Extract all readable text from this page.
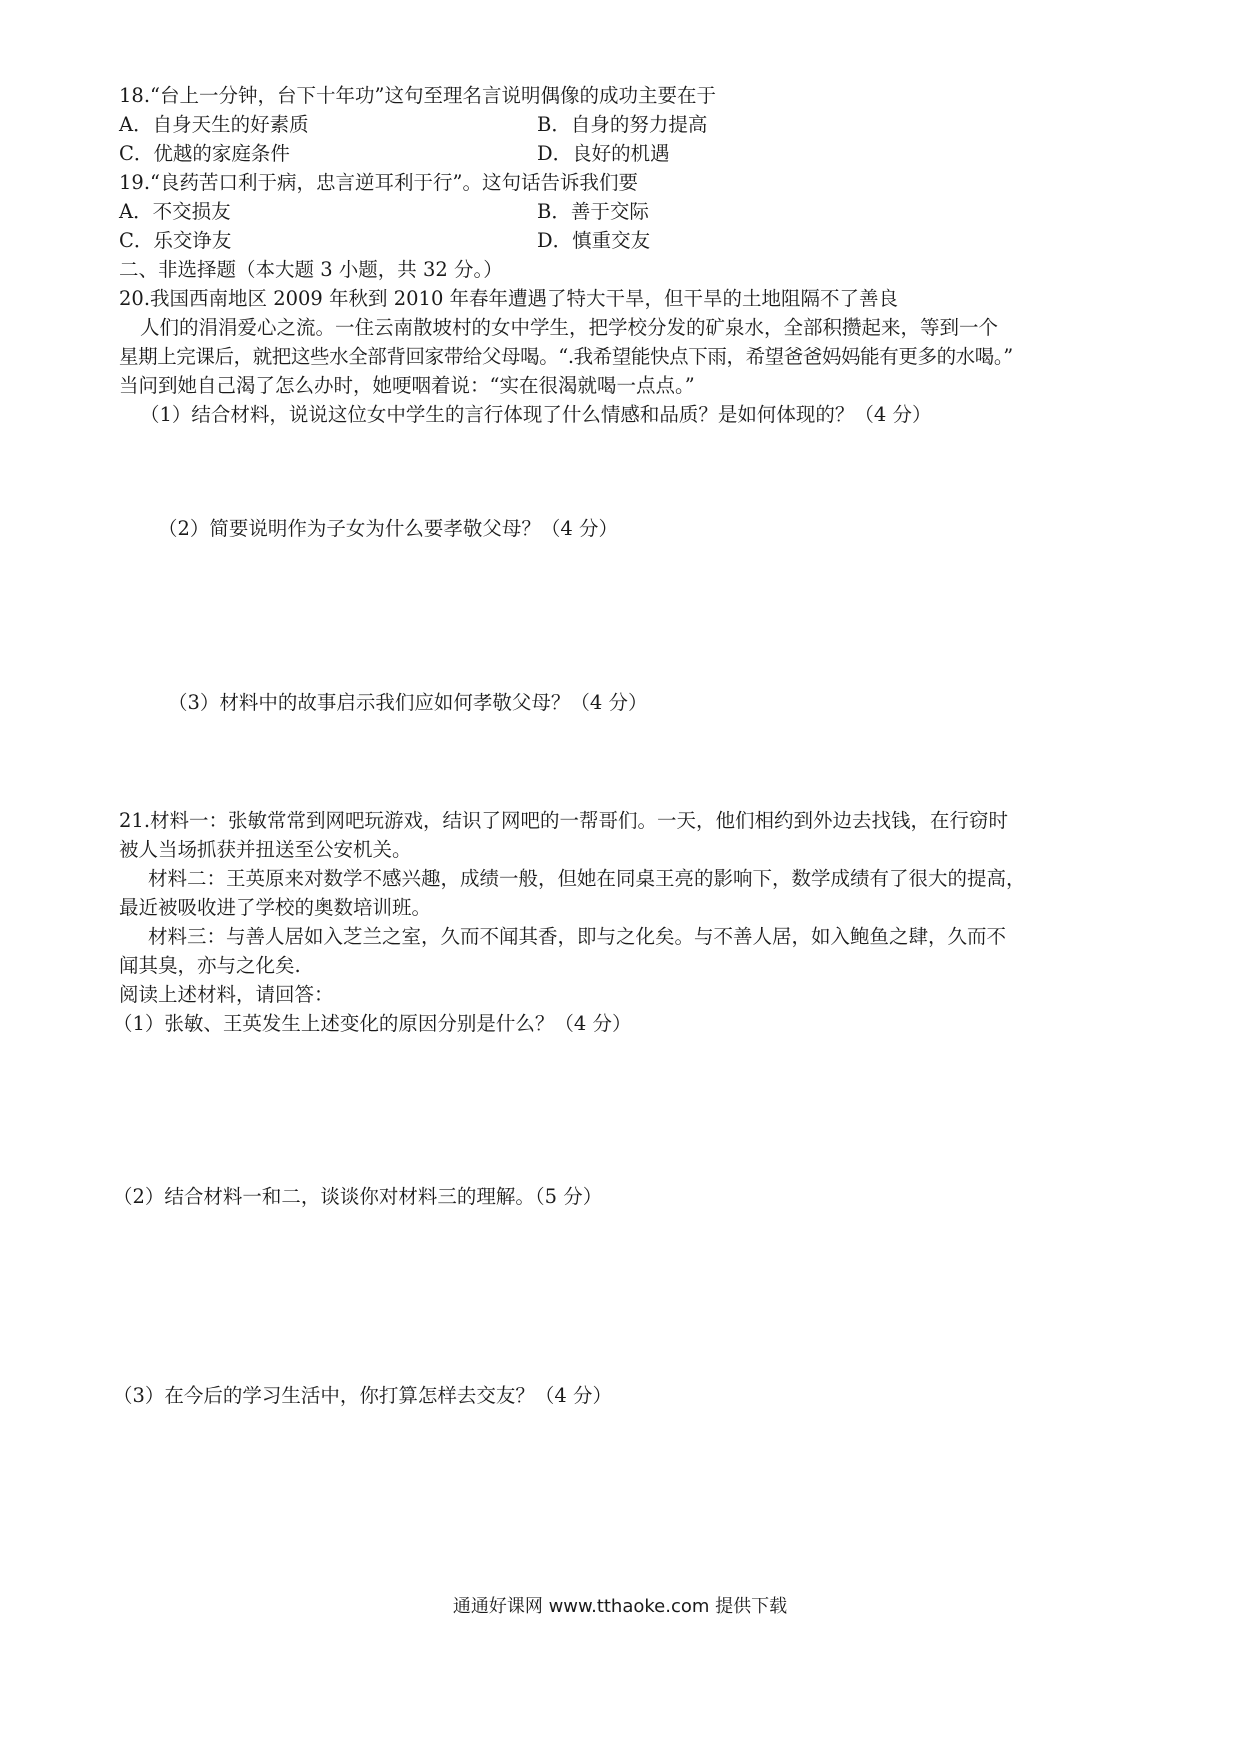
18.“台上一分钟，台下十年功”这句至理名言说明偶像的成功主要在于
A．自身天生的好素质	B．自身的努力提高
C．优越的家庭条件	D．良好的机遇
19.“良药苦口利于病，忠言逆耳利于行”。这句话告诉我们要
A．不交损友	B．善于交际
C．乐交诤友	D．慎重交友
二、非选择题（本大题 3 小题，共 32 分。）
20.我国西南地区 2009 年秋到 2010 年春年遭遇了特大干旱，但干旱的土地阻隔不了善良
人们的涓涓爱心之流。一住云南散坡村的女中学生，把学校分发的矿泉水，全部积攒起来，等到一个
星期上完课后，就把这些水全部背回家带给父母喝。“.我希望能快点下雨，希望爸爸妈妈能有更多的水喝。”
当问到她自己渴了怎么办时，她哽咽着说：“实在很渴就喝一点点。”
（1）结合材料，说说这位女中学生的言行体现了什么情感和品质？是如何体现的？（4 分）
（2）简要说明作为子女为什么要孝敬父母？（4 分）
（3）材料中的故事启示我们应如何孝敬父母？（4 分）
21.材料一：张敏常常到网吧玩游戏，结识了网吧的一帮哥们。一天，他们相约到外边去找钱，在行窃时
被人当场抓获并扭送至公安机关。
材料二：王英原来对数学不感兴趣，成绩一般，但她在同桌王亮的影响下，数学成绩有了很大的提高，
最近被吸收进了学校的奥数培训班。
材料三：与善人居如入芝兰之室，久而不闻其香，即与之化矣。与不善人居，如入鲍鱼之肆，久而不
闻其臭，亦与之化矣.
阅读上述材料，请回答：
（1）张敏、王英发生上述变化的原因分别是什么？（4 分）
（2）结合材料一和二，谈谈你对材料三的理解。（5 分）
（3）在今后的学习生活中，你打算怎样去交友？（4 分）
通通好课网 www.tthaoke.com 提供下载
